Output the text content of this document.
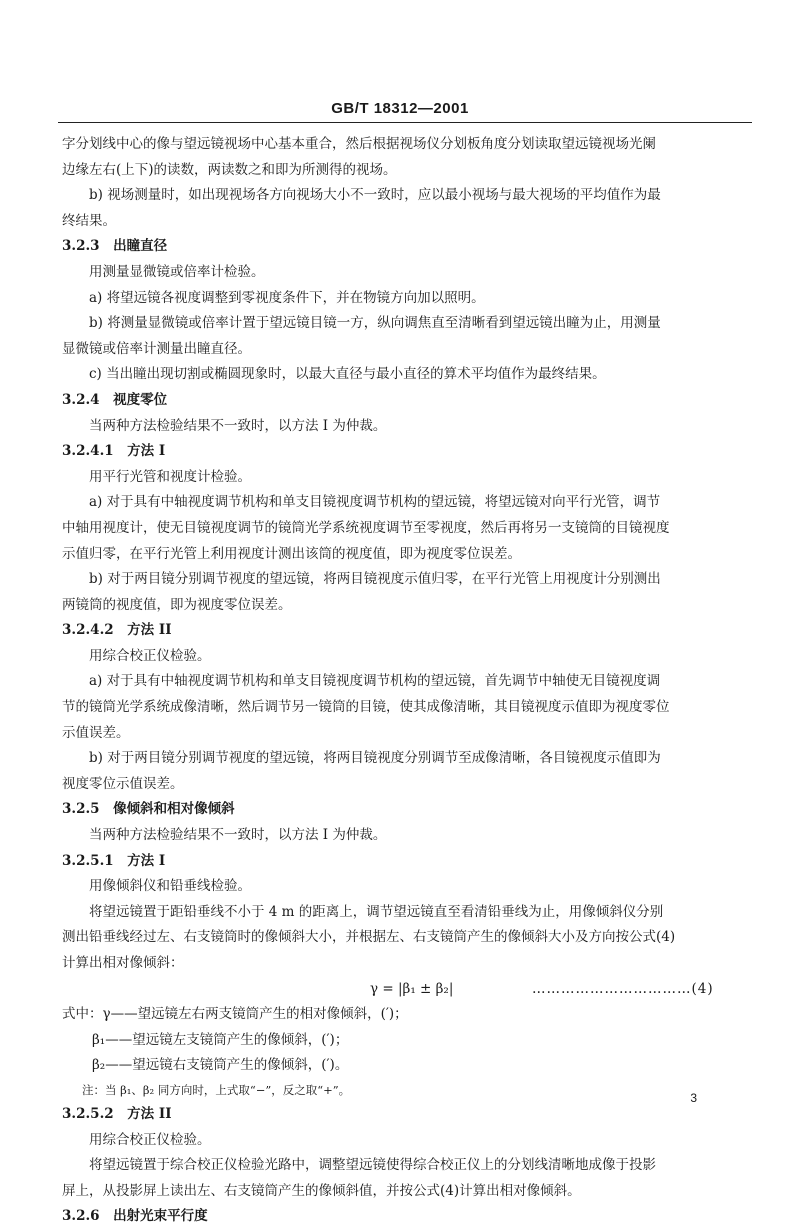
GB/T 18312—2001

字分划线中心的像与望远镜视场中心基本重合，然后根据视场仪分划板角度分划读取望远镜视场光阑

边缘左右(上下)的读数，两读数之和即为所测得的视场。

b) 视场测量时，如出现视场各方向视场大小不一致时，应以最小视场与最大视场的平均值作为最

终结果。

3.2.3　出瞳直径

用测量显微镜或倍率计检验。

a) 将望远镜各视度调整到零视度条件下，并在物镜方向加以照明。

b) 将测量显微镜或倍率计置于望远镜目镜一方，纵向调焦直至清晰看到望远镜出瞳为止，用测量

显微镜或倍率计测量出瞳直径。

c) 当出瞳出现切割或椭圆现象时，以最大直径与最小直径的算术平均值作为最终结果。

3.2.4　视度零位

当两种方法检验结果不一致时，以方法 I 为仲裁。

3.2.4.1　方法 I

用平行光管和视度计检验。

a) 对于具有中轴视度调节机构和单支目镜视度调节机构的望远镜，将望远镜对向平行光管，调节

中轴用视度计，使无目镜视度调节的镜筒光学系统视度调节至零视度，然后再将另一支镜筒的目镜视度

示值归零，在平行光管上利用视度计测出该筒的视度值，即为视度零位误差。

b) 对于两目镜分别调节视度的望远镜，将两目镜视度示值归零，在平行光管上用视度计分别测出

两镜筒的视度值，即为视度零位误差。

3.2.4.2　方法 II

用综合校正仪检验。

a) 对于具有中轴视度调节机构和单支目镜视度调节机构的望远镜，首先调节中轴使无目镜视度调

节的镜筒光学系统成像清晰，然后调节另一镜筒的目镜，使其成像清晰，其目镜视度示值即为视度零位

示值误差。

b) 对于两目镜分别调节视度的望远镜，将两目镜视度分别调节至成像清晰，各目镜视度示值即为

视度零位示值误差。

3.2.5　像倾斜和相对像倾斜

当两种方法检验结果不一致时，以方法 I 为仲裁。

3.2.5.1　方法 I

用像倾斜仪和铅垂线检验。

将望远镜置于距铅垂线不小于 4 m 的距离上，调节望远镜直至看清铅垂线为止，用像倾斜仪分别

测出铅垂线经过左、右支镜筒时的像倾斜大小，并根据左、右支镜筒产生的像倾斜大小及方向按公式(4)

计算出相对像倾斜：

γ = |β₁ ± β₂|	……………………………(4)

式中：γ——望远镜左右两支镜筒产生的相对像倾斜，(′)；

β₁——望远镜左支镜筒产生的像倾斜，(′)；

β₂——望远镜右支镜筒产生的像倾斜，(′)。

注：当 β₁、β₂ 同方向时，上式取“−”，反之取“+”。

3.2.5.2　方法 II

用综合校正仪检验。

将望远镜置于综合校正仪检验光路中，调整望远镜使得综合校正仪上的分划线清晰地成像于投影

屏上，从投影屏上读出左、右支镜筒产生的像倾斜值，并按公式(4)计算出相对像倾斜。

3.2.6　出射光束平行度

3
